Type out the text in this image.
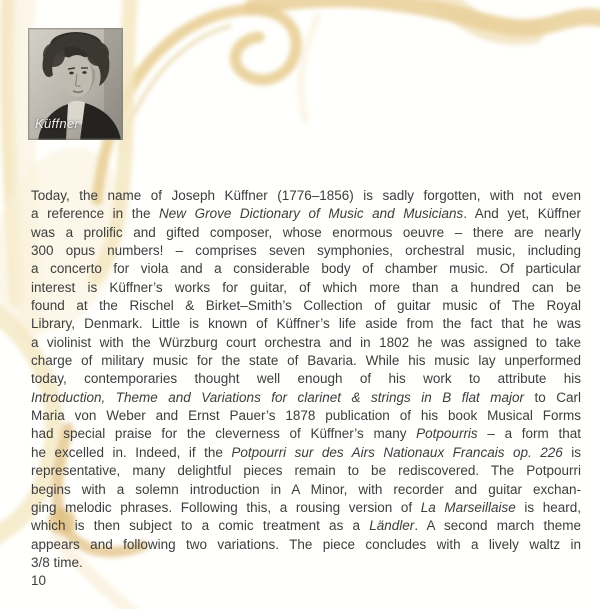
Küffner
Today, the name of Joseph Küffner (1776–1856) is sadly forgotten, with not even
a reference in the New Grove Dictionary of Music and Musicians. And yet, Küffner
was a prolific and gifted composer, whose enormous oeuvre – there are nearly
300 opus numbers! – comprises seven symphonies, orchestral music, including
a concerto for viola and a considerable body of chamber music. Of particular
interest is Küffner’s works for guitar, of which more than a hundred can be
found at the Rischel & Birket–Smith’s Collection of guitar music of The Royal
Library, Denmark. Little is known of Küffner’s life aside from the fact that he was
a violinist with the Würzburg court orchestra and in 1802 he was assigned to take
charge of military music for the state of Bavaria. While his music lay unperformed
today, contemporaries thought well enough of his work to attribute his
Introduction, Theme and Variations for clarinet & strings in B flat major to Carl
Maria von Weber and Ernst Pauer’s 1878 publication of his book Musical Forms
had special praise for the cleverness of Küffner’s many Potpourris – a form that
he excelled in. Indeed, if the Potpourri sur des Airs Nationaux Francais op. 226 is
representative, many delightful pieces remain to be rediscovered. The Potpourri
begins with a solemn introduction in A Minor, with recorder and guitar exchan-
ging melodic phrases. Following this, a rousing version of La Marseillaise is heard,
which is then subject to a comic treatment as a Ländler. A second march theme
appears and following two variations. The piece concludes with a lively waltz in
3/8 time.
10
